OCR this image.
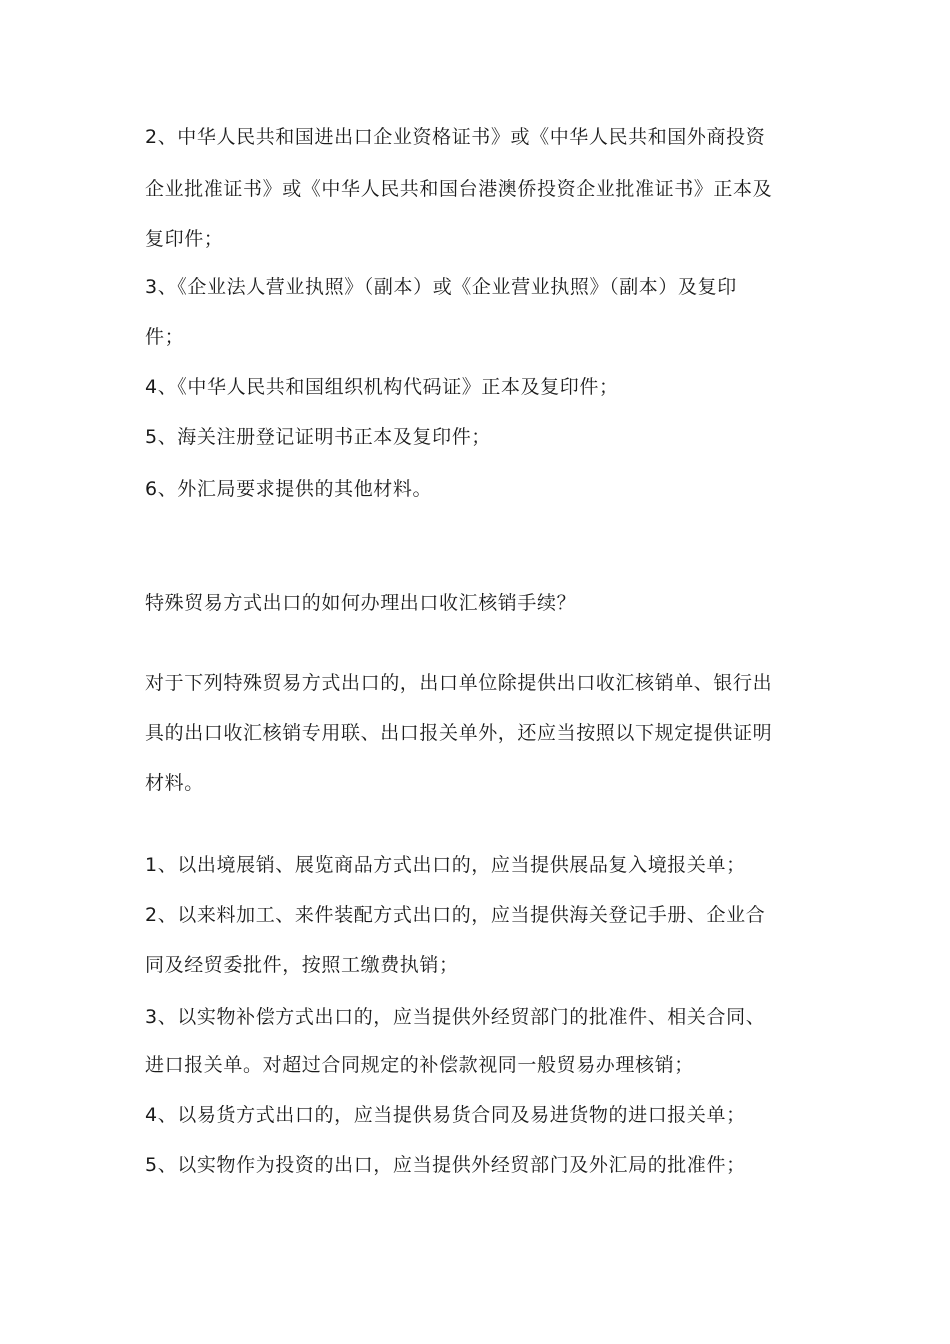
2、中华人民共和国进出口企业资格证书》或《中华人民共和国外商投资
企业批准证书》或《中华人民共和国台港澳侨投资企业批准证书》正本及
复印件；
3、《企业法人营业执照》（副本）或《企业营业执照》（副本）及复印
件；
4、《中华人民共和国组织机构代码证》正本及复印件；
5、海关注册登记证明书正本及复印件；
6、外汇局要求提供的其他材料。
特殊贸易方式出口的如何办理出口收汇核销手续？
对于下列特殊贸易方式出口的，出口单位除提供出口收汇核销单、银行出
具的出口收汇核销专用联、出口报关单外，还应当按照以下规定提供证明
材料。
1、以出境展销、展览商品方式出口的，应当提供展品复入境报关单；
2、以来料加工、来件装配方式出口的，应当提供海关登记手册、企业合
同及经贸委批件，按照工缴费执销；
3、以实物补偿方式出口的，应当提供外经贸部门的批准件、相关合同、
进口报关单。对超过合同规定的补偿款视同一般贸易办理核销；
4、以易货方式出口的，应当提供易货合同及易进货物的进口报关单；
5、以实物作为投资的出口，应当提供外经贸部门及外汇局的批准件；
